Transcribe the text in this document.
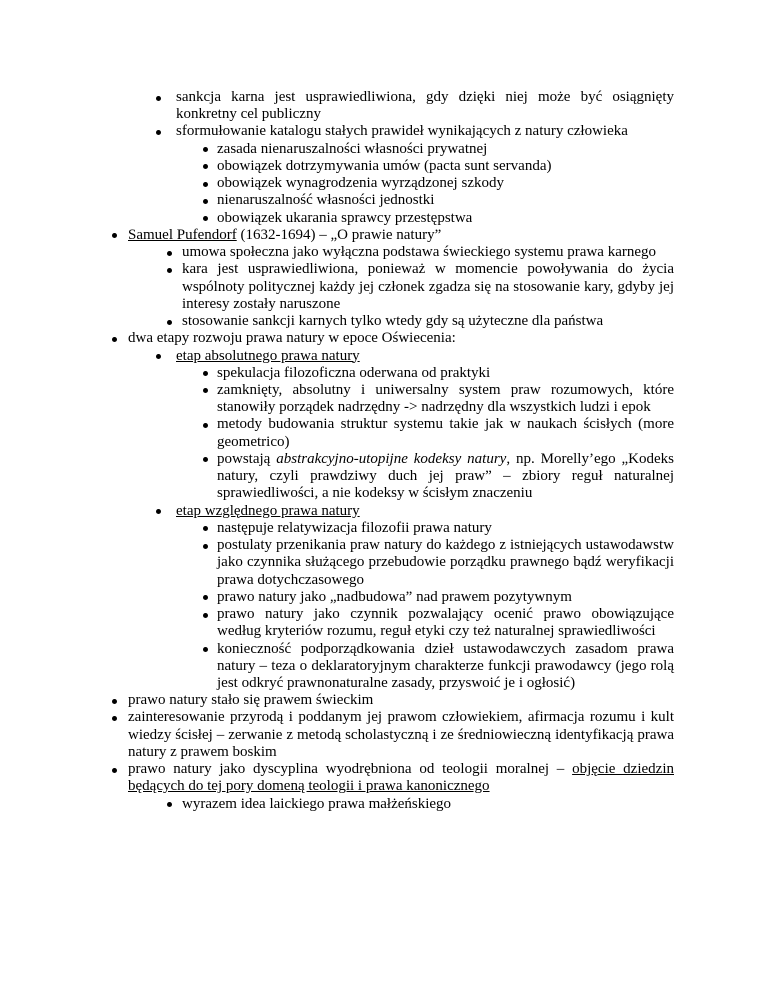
sankcja karna jest usprawiedliwiona, gdy dzięki niej może być osiągnięty konkretny cel publiczny
sformułowanie katalogu stałych prawideł wynikających z natury człowieka
zasada nienaruszalności własności prywatnej
obowiązek dotrzymywania umów (pacta sunt servanda)
obowiązek wynagrodzenia wyrządzonej szkody
nienaruszalność własności jednostki
obowiązek ukarania sprawcy przestępstwa
Samuel Pufendorf (1632-1694) – „O prawie natury”
umowa społeczna jako wyłączna podstawa świeckiego systemu prawa karnego
kara jest usprawiedliwiona, ponieważ w momencie powoływania do życia wspólnoty politycznej każdy jej członek zgadza się na stosowanie kary, gdyby jej interesy zostały naruszone
stosowanie sankcji karnych tylko wtedy gdy są użyteczne dla państwa
dwa etapy rozwoju prawa natury w epoce Oświecenia:
etap absolutnego prawa natury
spekulacja filozoficzna oderwana od praktyki
zamknięty, absolutny i uniwersalny system praw rozumowych, które stanowiły porządek nadrzędny -> nadrzędny dla wszystkich ludzi i epok
metody budowania struktur systemu takie jak w naukach ścisłych (more geometrico)
powstają abstrakcyjno-utopijne kodeksy natury, np. Morelly’ego „Kodeks natury, czyli prawdziwy duch jej praw” – zbiory reguł naturalnej sprawiedliwości, a nie kodeksy w ścisłym znaczeniu
etap względnego prawa natury
następuje relatywizacja filozofii prawa natury
postulaty przenikania praw natury do każdego z istniejących ustawodawstw jako czynnika służącego przebudowie porządku prawnego bądź weryfikacji prawa dotychczasowego
prawo natury jako „nadbudowa” nad prawem pozytywnym
prawo natury jako czynnik pozwalający ocenić prawo obowiązujące według kryteriów rozumu, reguł etyki czy też naturalnej sprawiedliwości
konieczność podporządkowania dzieł ustawodawczych zasadom prawa natury – teza o deklaratoryjnym charakterze funkcji prawodawcy (jego rolą jest odkryć prawnonaturalne zasady, przyswoić je i ogłosić)
prawo natury stało się prawem świeckim
zainteresowanie przyrodą i poddanym jej prawom człowiekiem, afirmacja rozumu i kult wiedzy ścisłej – zerwanie z metodą scholastyczną i ze średniowieczną identyfikacją prawa natury z prawem boskim
prawo natury jako dyscyplina wyodrębniona od teologii moralnej – objęcie dziedzin będących do tej pory domeną teologii i prawa kanonicznego
wyrazem idea laickiego prawa małżeńskiego
